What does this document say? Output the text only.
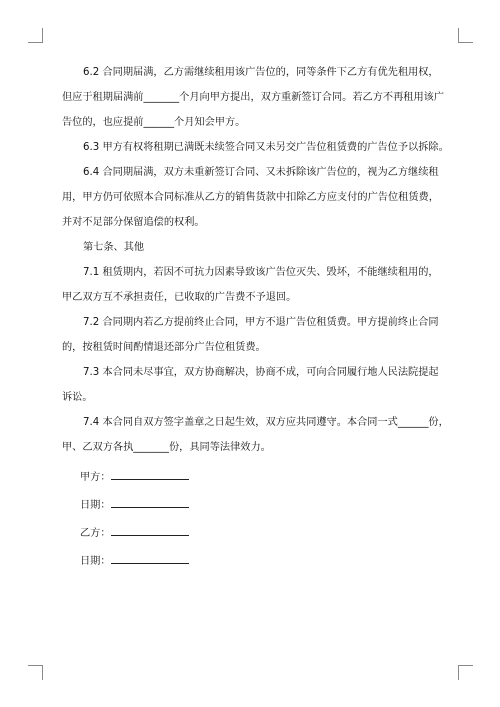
6.2 合同期届满，乙方需继续租用该广告位的，同等条件下乙方有优先租用权，
但应于租期届满前_______个月向甲方提出，双方重新签订合同。若乙方不再租用该广
告位的，也应提前______个月知会甲方。
6.3 甲方有权将租期已满既未续签合同又未另交广告位租赁费的广告位予以拆除。
6.4 合同期届满，双方未重新签订合同、又未拆除该广告位的，视为乙方继续租
用，甲方仍可依照本合同标准从乙方的销售货款中扣除乙方应支付的广告位租赁费，
并对不足部分保留追偿的权利。
第七条、其他
7.1 租赁期内，若因不可抗力因素导致该广告位灭失、毁坏，不能继续租用的，
甲乙双方互不承担责任，已收取的广告费不予退回。
7.2 合同期内若乙方提前终止合同，甲方不退广告位租赁费。甲方提前终止合同
的，按租赁时间酌情退还部分广告位租赁费。
7.3 本合同未尽事宜，双方协商解决，协商不成，可向合同履行地人民法院提起
诉讼。
7.4 本合同自双方签字盖章之日起生效，双方应共同遵守。本合同一式______份，
甲、乙双方各执_______份，具同等法律效力。
甲方：
日期：
乙方：
日期：
